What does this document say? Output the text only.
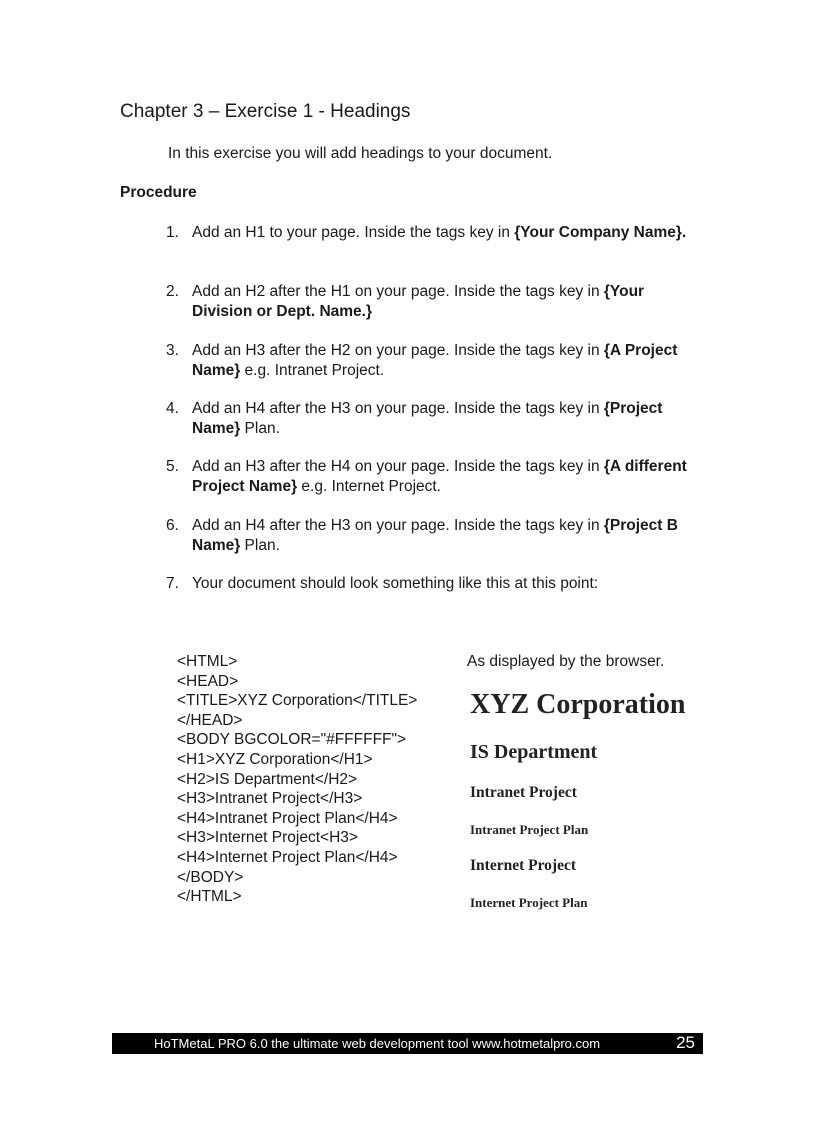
Chapter 3 – Exercise 1 - Headings
In this exercise you will add headings to your document.
Procedure
1. Add an H1 to your page. Inside the tags key in {Your Company Name}.
2. Add an H2 after the H1 on your page. Inside the tags key in {Your Division or Dept. Name.}
3. Add an H3 after the H2 on your page. Inside the tags key in {A Project Name} e.g. Intranet Project.
4. Add an H4 after the H3 on your page. Inside the tags key in {Project Name} Plan.
5. Add an H3 after the H4 on your page. Inside the tags key in {A different Project Name} e.g. Internet Project.
6. Add an H4 after the H3 on your page. Inside the tags key in {Project B Name} Plan.
7. Your document should look something like this at this point:
<HTML>
<HEAD>
<TITLE>XYZ Corporation</TITLE>
</HEAD>
<BODY BGCOLOR="#FFFFFF">
<H1>XYZ Corporation</H1>
<H2>IS Department</H2>
<H3>Intranet Project</H3>
<H4>Intranet Project Plan</H4>
<H3>Internet Project<H3>
<H4>Internet Project Plan</H4>
</BODY>
</HTML>
As displayed by the browser.
XYZ Corporation
IS Department
Intranet Project
Intranet Project Plan
Internet Project
Internet Project Plan
HoTMetaL PRO 6.0 the ultimate web development tool www.hotmetalpro.com	25
